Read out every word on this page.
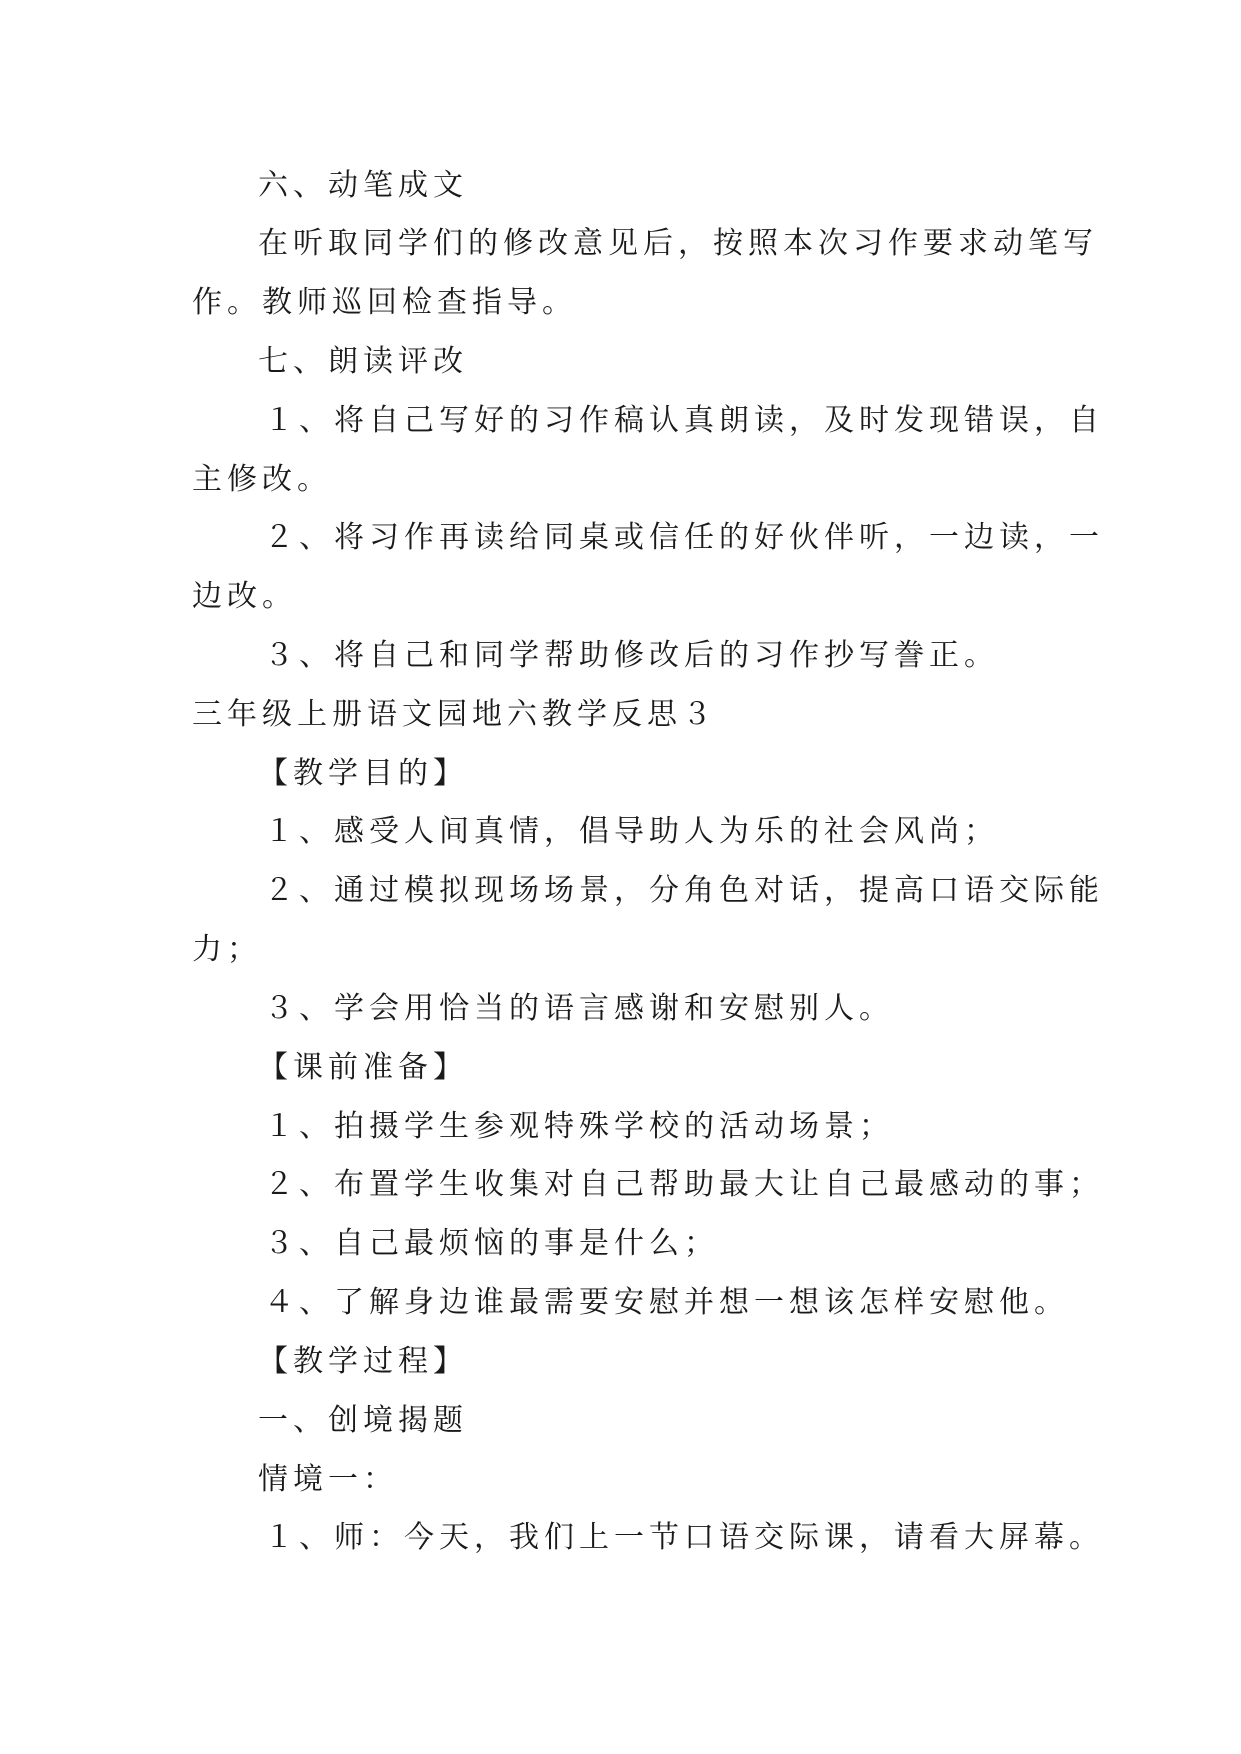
六、动笔成文
在听取同学们的修改意见后，按照本次习作要求动笔写
作。教师巡回检查指导。
七、朗读评改
１、将自己写好的习作稿认真朗读，及时发现错误，自
主修改。
２、将习作再读给同桌或信任的好伙伴听，一边读，一
边改。
３、将自己和同学帮助修改后的习作抄写誊正。
三年级上册语文园地六教学反思３
【教学目的】
１、感受人间真情，倡导助人为乐的社会风尚；
２、通过模拟现场场景，分角色对话，提高口语交际能
力；
３、学会用恰当的语言感谢和安慰别人。
【课前准备】
１、拍摄学生参观特殊学校的活动场景；
２、布置学生收集对自己帮助最大让自己最感动的事；
３、自己最烦恼的事是什么；
４、了解身边谁最需要安慰并想一想该怎样安慰他。
【教学过程】
一、创境揭题
情境一：
１、师：今天，我们上一节口语交际课，请看大屏幕。
